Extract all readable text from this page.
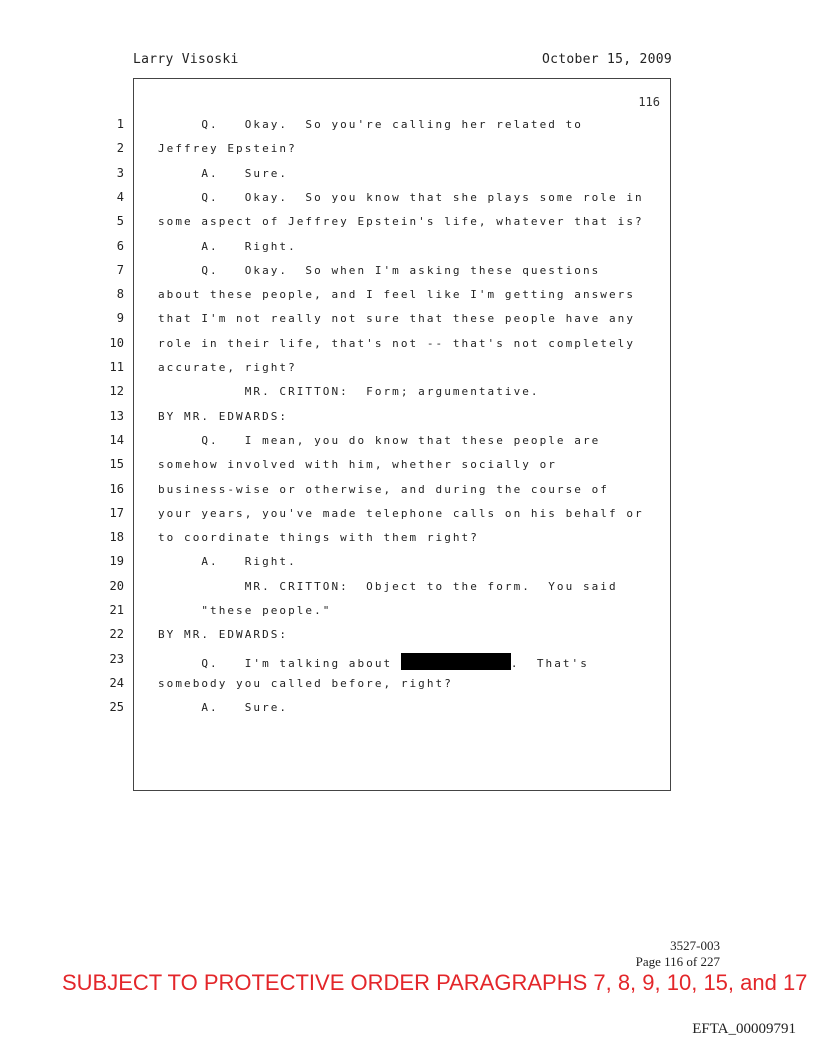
Larry Visoski	October 15, 2009
116
1	Q.   Okay.  So you're calling her related to
2	Jeffrey Epstein?
3	A.   Sure.
4	Q.   Okay.  So you know that she plays some role in
5	some aspect of Jeffrey Epstein's life, whatever that is?
6	A.   Right.
7	Q.   Okay.  So when I'm asking these questions
8	about these people, and I feel like I'm getting answers
9	that I'm not really not sure that these people have any
10	role in their life, that's not -- that's not completely
11	accurate, right?
12	MR. CRITTON:  Form; argumentative.
13	BY MR. EDWARDS:
14	Q.   I mean, you do know that these people are
15	somehow involved with him, whether socially or
16	business-wise or otherwise, and during the course of
17	your years, you've made telephone calls on his behalf or
18	to coordinate things with them right?
19	A.   Right.
20	MR. CRITTON:  Object to the form.  You said
21	"these people."
22	BY MR. EDWARDS:
23	Q.   I'm talking about	.  That's
24	somebody you called before, right?
25	A.   Sure.
3527-003
Page 116 of 227
SUBJECT TO PROTECTIVE ORDER PARAGRAPHS 7, 8, 9, 10, 15, and 17
EFTA_00009791
